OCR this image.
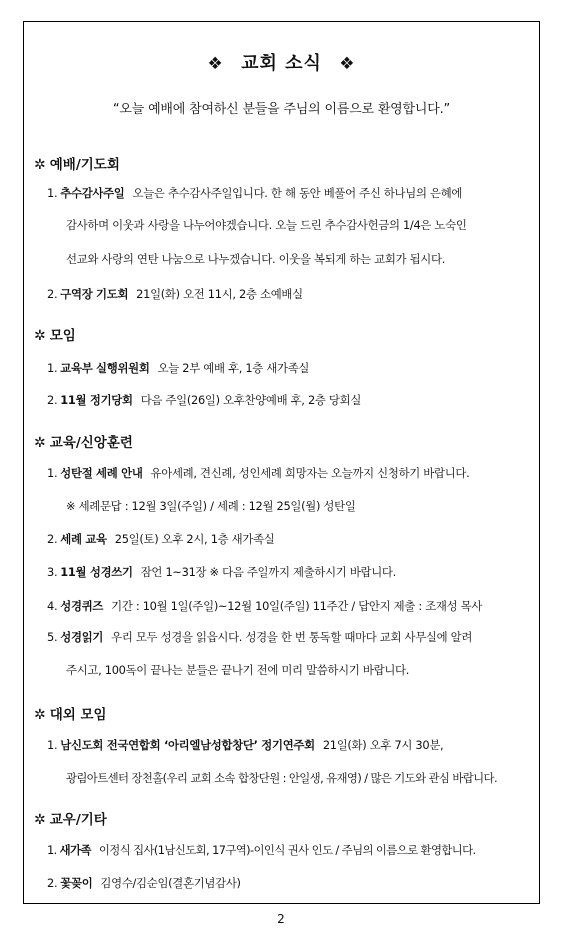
❖ 교회 소식 ❖
“오늘 예배에 참여하신 분들을 주님의 이름으로 환영합니다.”
✲ 예배/기도회
1. 추수감사주일 오늘은 추수감사주일입니다. 한 해 동안 베풀어 주신 하나님의 은혜에
감사하며 이웃과 사랑을 나누어야겠습니다. 오늘 드린 추수감사헌금의 1/4은 노숙인
선교와 사랑의 연탄 나눔으로 나누겠습니다. 이웃을 복되게 하는 교회가 됩시다.
2. 구역장 기도회 21일(화) 오전 11시, 2층 소예배실
✲ 모임
1. 교육부 실행위원회 오늘 2부 예배 후, 1층 새가족실
2. 11월 정기당회 다음 주일(26일) 오후찬양예배 후, 2층 당회실
✲ 교육/신앙훈련
1. 성탄절 세례 안내 유아세례, 견신례, 성인세례 희망자는 오늘까지 신청하기 바랍니다.
※ 세례문답 : 12월 3일(주일) / 세례 : 12월 25일(월) 성탄일
2. 세례 교육 25일(토) 오후 2시, 1층 새가족실
3. 11월 성경쓰기 잠언 1~31장 ※ 다음 주일까지 제출하시기 바랍니다.
4. 성경퀴즈 기간 : 10월 1일(주일)~12월 10일(주일) 11주간 / 답안지 제출 : 조재성 목사
5. 성경읽기 우리 모두 성경을 읽읍시다. 성경을 한 번 통독할 때마다 교회 사무실에 알려
주시고, 100독이 끝나는 분들은 끝나기 전에 미리 말씀하시기 바랍니다.
✲ 대외 모임
1. 남신도회 전국연합회 ‘아리엘남성합창단’ 정기연주회 21일(화) 오후 7시 30분,
광림아트센터 장천홀(우리 교회 소속 합창단원 : 안일생, 유재영) / 많은 기도와 관심 바랍니다.
✲ 교우/기타
1. 새가족 이정식 집사(1남신도회, 17구역)-이인식 권사 인도 / 주님의 이름으로 환영합니다.
2. 꽃꽂이 김영수/김순임(결혼기념감사)
2
